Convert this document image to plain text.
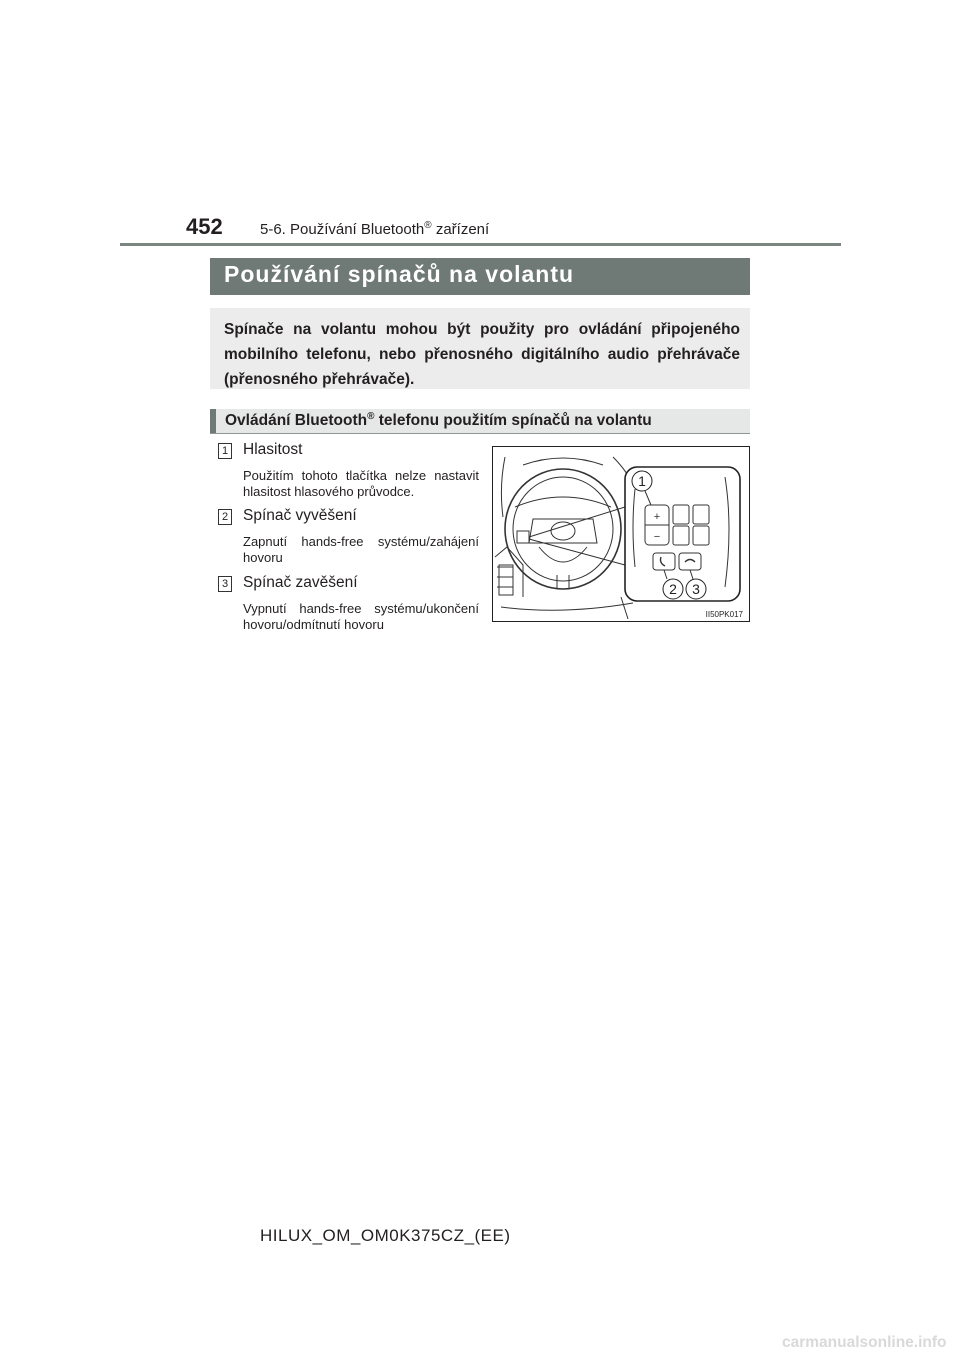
452 5-6. Používání Bluetooth® zařízení
Používání spínačů na volantu
Spínače na volantu mohou být použity pro ovládání připojeného mobilního telefonu, nebo přenosného digitálního audio přehrávače (přenosného přehrávače).
Ovládání Bluetooth® telefonu použitím spínačů na volantu
1 Hlasitost
Použitím tohoto tlačítka nelze nastavit hlasitost hlasového průvodce.
2 Spínač vyvěšení
Zapnutí hands-free systému/zahájení hovoru
3 Spínač zavěšení
Vypnutí hands-free systému/ukončení hovoru/odmítnutí hovoru
+
−
1
2 3
II50PK017
HILUX_OM_OM0K375CZ_(EE)
carmanualsonline.info
